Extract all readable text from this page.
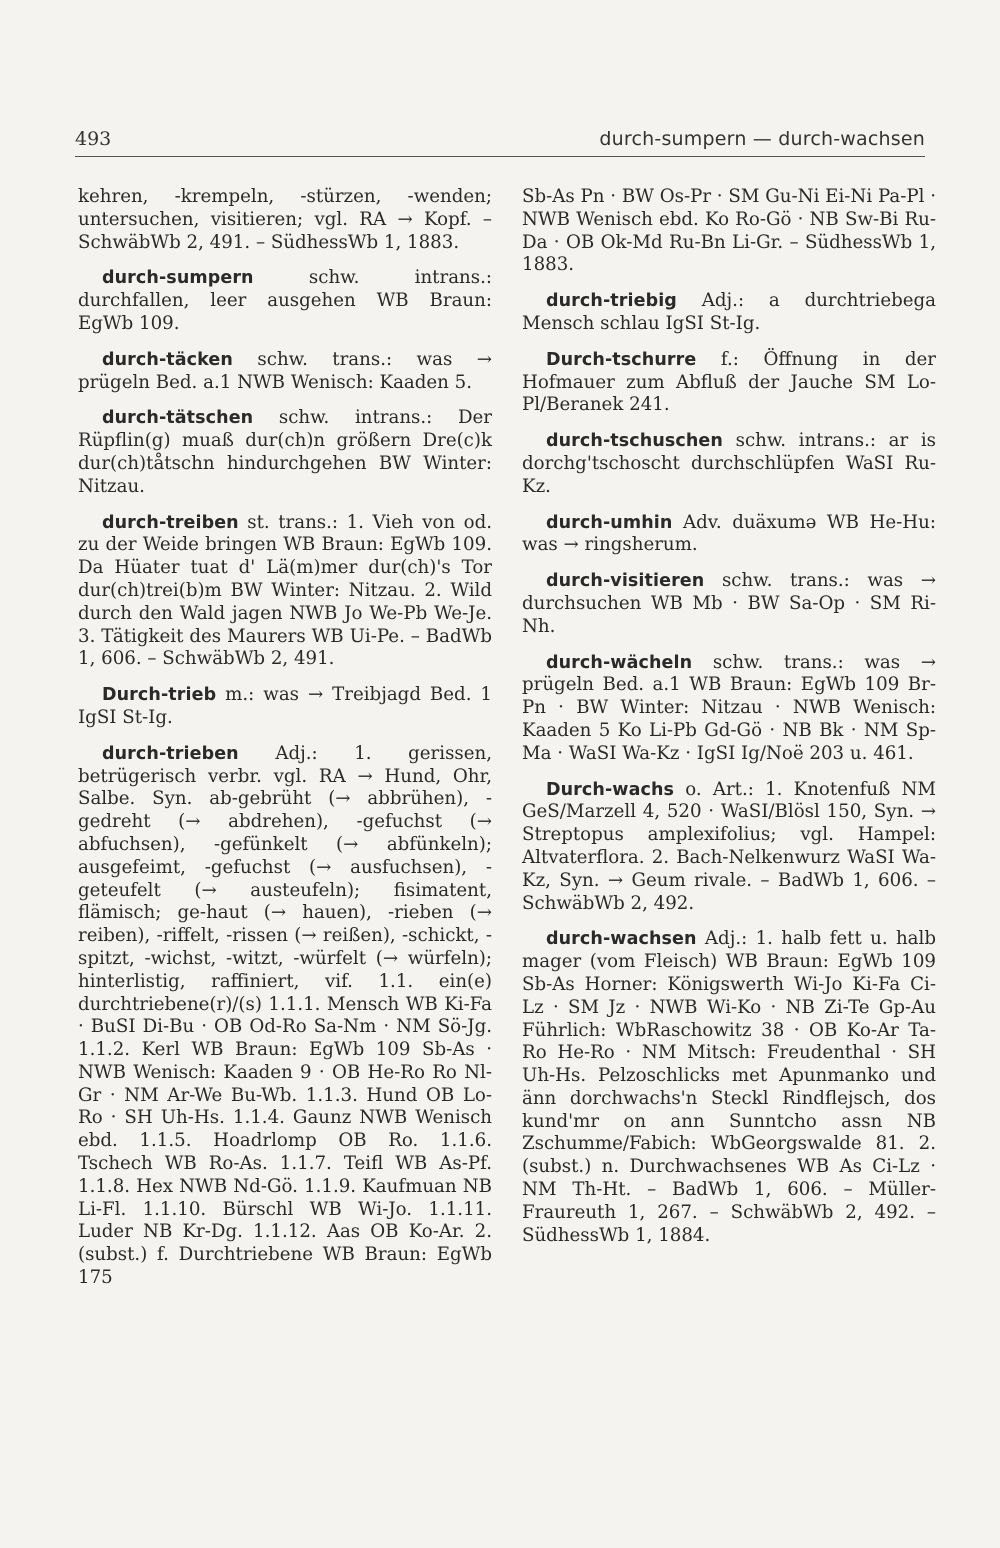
493	durch-sumpern — durch-wachsen

kehren, -krempeln, -stürzen, -wenden; untersuchen, visitieren; vgl. RA → Kopf. – SchwäbWb 2, 491. – SüdhessWb 1, 1883.

durch-sumpern schw. intrans.: durchfallen, leer ausgehen WB Braun: EgWb 109.

durch-täcken schw. trans.: was → prügeln Bed. a.1 NWB Wenisch: Kaaden 5.

durch-tätschen schw. intrans.: Der Rüpflin(g) muaß dur(ch)n größern Dre(c)k dur(ch)tåtschn hindurchgehen BW Winter: Nitzau.

durch-treiben st. trans.: 1. Vieh von od. zu der Weide bringen WB Braun: EgWb 109. Da Hüater tuat d' Lä(m)mer dur(ch)'s Tor dur(ch)trei(b)m BW Winter: Nitzau. 2. Wild durch den Wald jagen NWB Jo We-Pb We-Je. 3. Tätigkeit des Maurers WB Ui-Pe. – BadWb 1, 606. – SchwäbWb 2, 491.

Durch-trieb m.: was → Treibjagd Bed. 1 IgSI St-Ig.

durch-trieben Adj.: 1. gerissen, betrügerisch verbr. vgl. RA → Hund, Ohr, Salbe. Syn. ab-gebrüht (→ abbrühen), -gedreht (→ abdrehen), -gefuchst (→ abfuchsen), -gefünkelt (→ abfünkeln); ausgefeimt, -gefuchst (→ ausfuchsen), -geteufelt (→ austeufeln); fisimatent, flämisch; ge-haut (→ hauen), -rieben (→ reiben), -riffelt, -rissen (→ reißen), -schickt, -spitzt, -wichst, -witzt, -würfelt (→ würfeln); hinterlistig, raffiniert, vif. 1.1. ein(e) durchtriebene(r)/(s) 1.1.1. Mensch WB Ki-Fa · BuSI Di-Bu · OB Od-Ro Sa-Nm · NM Sö-Jg. 1.1.2. Kerl WB Braun: EgWb 109 Sb-As · NWB Wenisch: Kaaden 9 · OB He-Ro Ro Nl-Gr · NM Ar-We Bu-Wb. 1.1.3. Hund OB Lo-Ro · SH Uh-Hs. 1.1.4. Gaunz NWB Wenisch ebd. 1.1.5. Hoadrlomp OB Ro. 1.1.6. Tschech WB Ro-As. 1.1.7. Teifl WB As-Pf. 1.1.8. Hex NWB Nd-Gö. 1.1.9. Kaufmuan NB Li-Fl. 1.1.10. Bürschl WB Wi-Jo. 1.1.11. Luder NB Kr-Dg. 1.1.12. Aas OB Ko-Ar. 2. (subst.) f. Durchtriebene WB Braun: EgWb 175

Sb-As Pn · BW Os-Pr · SM Gu-Ni Ei-Ni Pa-Pl · NWB Wenisch ebd. Ko Ro-Gö · NB Sw-Bi Ru-Da · OB Ok-Md Ru-Bn Li-Gr. – SüdhessWb 1, 1883.

durch-triebig Adj.: a durchtriebega Mensch schlau IgSI St-Ig.

Durch-tschurre f.: Öffnung in der Hofmauer zum Abfluß der Jauche SM Lo-Pl/Beranek 241.

durch-tschuschen schw. intrans.: ar is dorchg'tschoscht durchschlüpfen WaSI Ru-Kz.

durch-umhin Adv. duäxumə WB He-Hu: was → ringsherum.

durch-visitieren schw. trans.: was → durchsuchen WB Mb · BW Sa-Op · SM Ri-Nh.

durch-wächeln schw. trans.: was → prügeln Bed. a.1 WB Braun: EgWb 109 Br-Pn · BW Winter: Nitzau · NWB Wenisch: Kaaden 5 Ko Li-Pb Gd-Gö · NB Bk · NM Sp-Ma · WaSI Wa-Kz · IgSI Ig/Noë 203 u. 461.

Durch-wachs o. Art.: 1. Knotenfuß NM GeS/Marzell 4, 520 · WaSI/Blösl 150, Syn. → Streptopus amplexifolius; vgl. Hampel: Altvaterflora. 2. Bach-Nelkenwurz WaSI Wa-Kz, Syn. → Geum rivale. – BadWb 1, 606. – SchwäbWb 2, 492.

durch-wachsen Adj.: 1. halb fett u. halb mager (vom Fleisch) WB Braun: EgWb 109 Sb-As Horner: Königswerth Wi-Jo Ki-Fa Ci-Lz · SM Jz · NWB Wi-Ko · NB Zi-Te Gp-Au Führlich: WbRaschowitz 38 · OB Ko-Ar Ta-Ro He-Ro · NM Mitsch: Freudenthal · SH Uh-Hs. Pelzoschlicks met Apunmanko und änn dorchwachs'n Steckl Rindflejsch, dos kund'mr on ann Sunntcho assn NB Zschumme/Fabich: WbGeorgswalde 81. 2. (subst.) n. Durchwachsenes WB As Ci-Lz · NM Th-Ht. – BadWb 1, 606. – Müller-Fraureuth 1, 267. – SchwäbWb 2, 492. – SüdhessWb 1, 1884.
